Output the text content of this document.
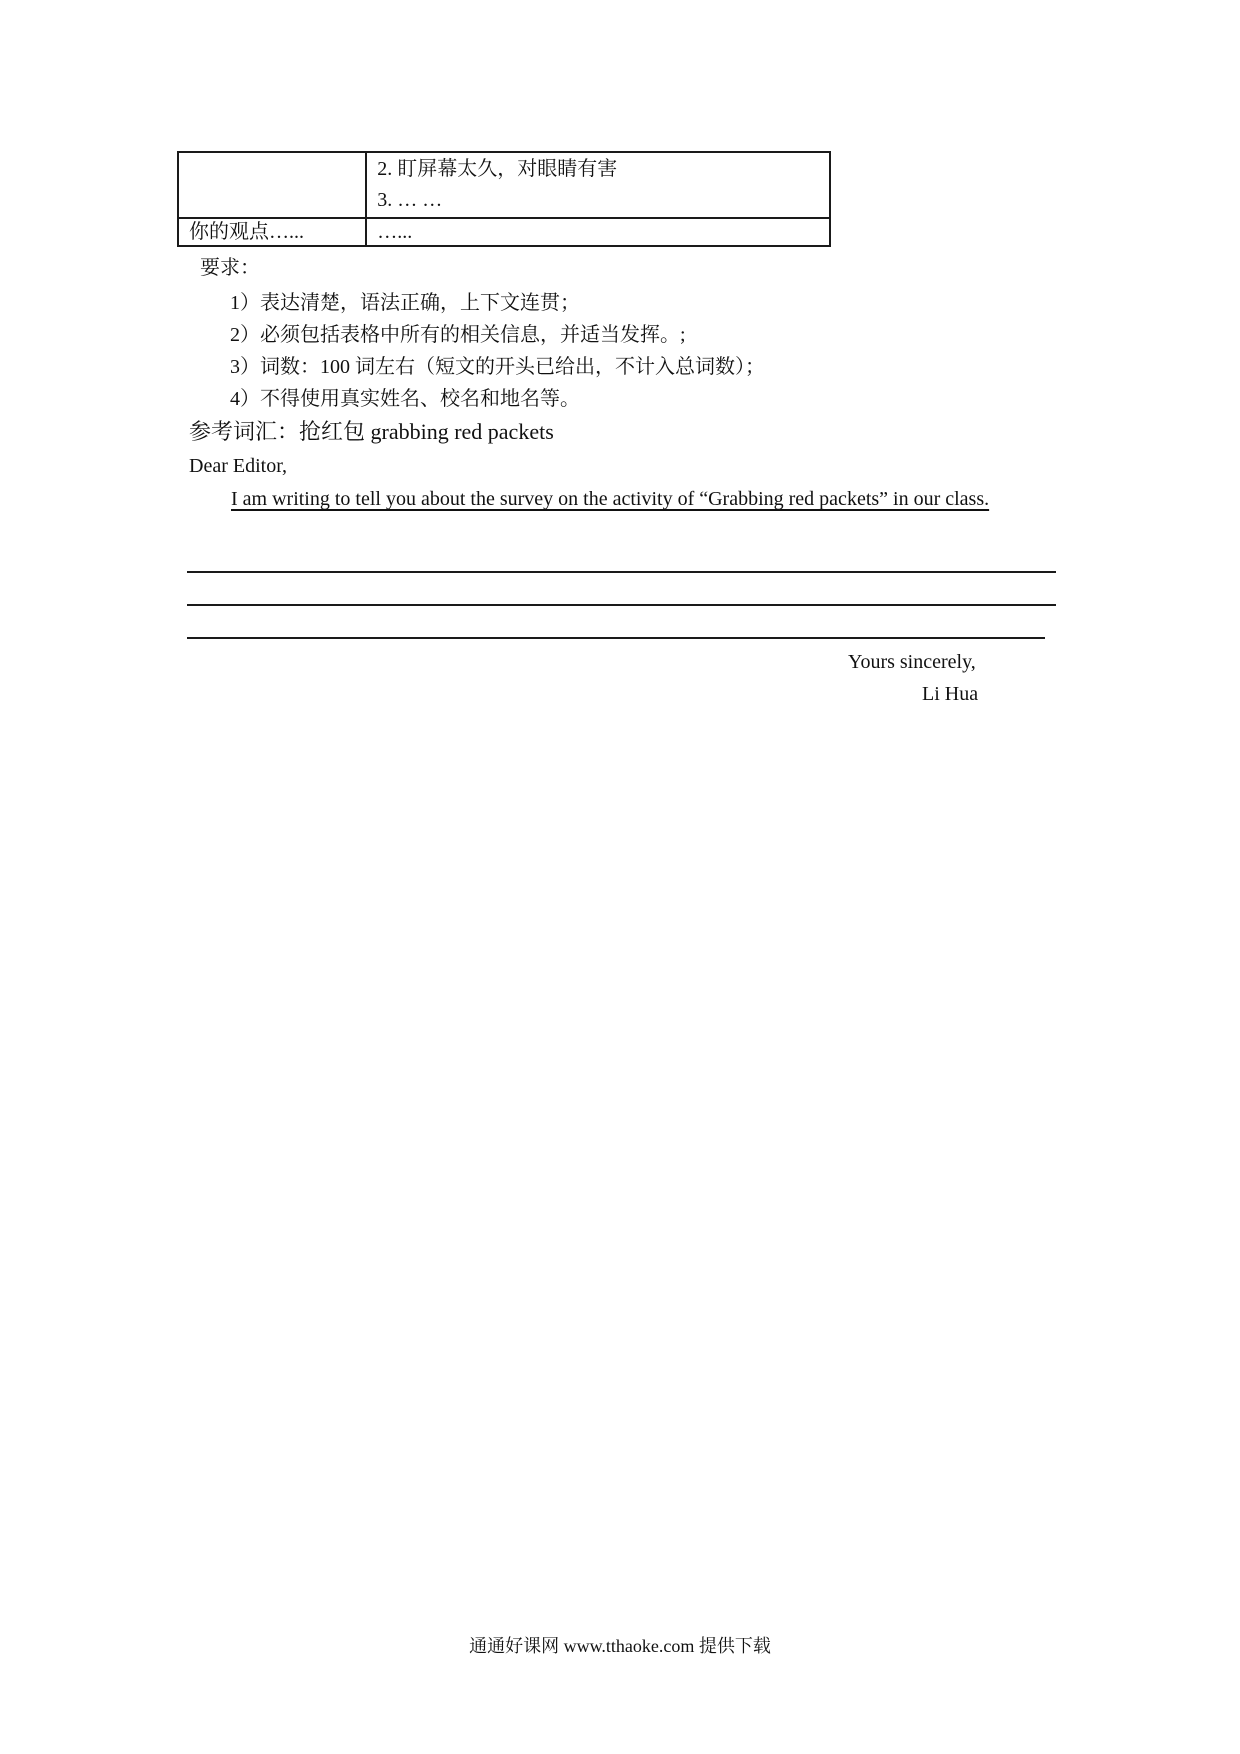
	2. 盯屏幕太久，对眼睛有害
3. … …

你的观点…...	…...
要求：
1）表达清楚，语法正确，上下文连贯；
2）必须包括表格中所有的相关信息，并适当发挥。;
3）词数：100 词左右（短文的开头已给出，不计入总词数）；
4）不得使用真实姓名、校名和地名等。
参考词汇：抢红包 grabbing red packets
Dear Editor,
I am writing to tell you about the survey on the activity of “Grabbing red packets” in our class.
Yours sincerely,
Li Hua
通通好课网 www.tthaoke.com 提供下载
